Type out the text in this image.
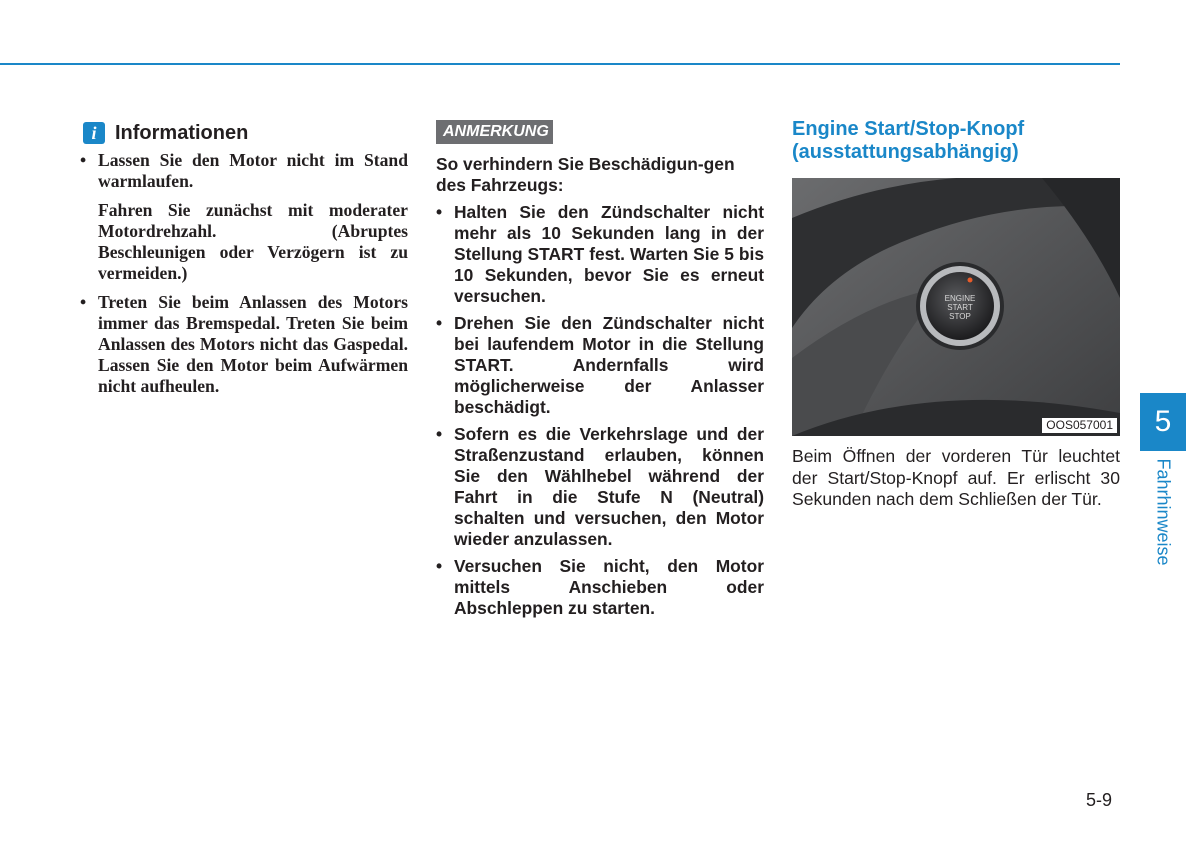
i Informationen

• Lassen Sie den Motor nicht im Stand warmlaufen.

Fahren Sie zunächst mit moderater Motordrehzahl. (Abruptes Beschleunigen oder Verzögern ist zu vermeiden.)

• Treten Sie beim Anlassen des Motors immer das Bremspedal. Treten Sie beim Anlassen des Motors nicht das Gaspedal. Lassen Sie den Motor beim Aufwärmen nicht aufheulen.

ANMERKUNG

So verhindern Sie Beschädigun-gen des Fahrzeugs:

• Halten Sie den Zündschalter nicht mehr als 10 Sekunden lang in der Stellung START fest. Warten Sie 5 bis 10 Sekunden, bevor Sie es erneut versuchen.
• Drehen Sie den Zündschalter nicht bei laufendem Motor in die Stellung START. Andernfalls wird möglicherweise der Anlasser beschädigt.
• Sofern es die Verkehrslage und der Straßenzustand erlauben, können Sie den Wählhebel während der Fahrt in die Stufe N (Neutral) schalten und versuchen, den Motor wieder anzulassen.
• Versuchen Sie nicht, den Motor mittels Anschieben oder Abschleppen zu starten.
Engine Start/Stop-Knopf (ausstattungsabhängig)
ENGINE
START
STOP
OOS057001

Beim Öffnen der vorderen Tür leuchtet der Start/Stop-Knopf auf. Er erlischt 30 Sekunden nach dem Schließen der Tür.

5
Fahrhinweise
5-9
